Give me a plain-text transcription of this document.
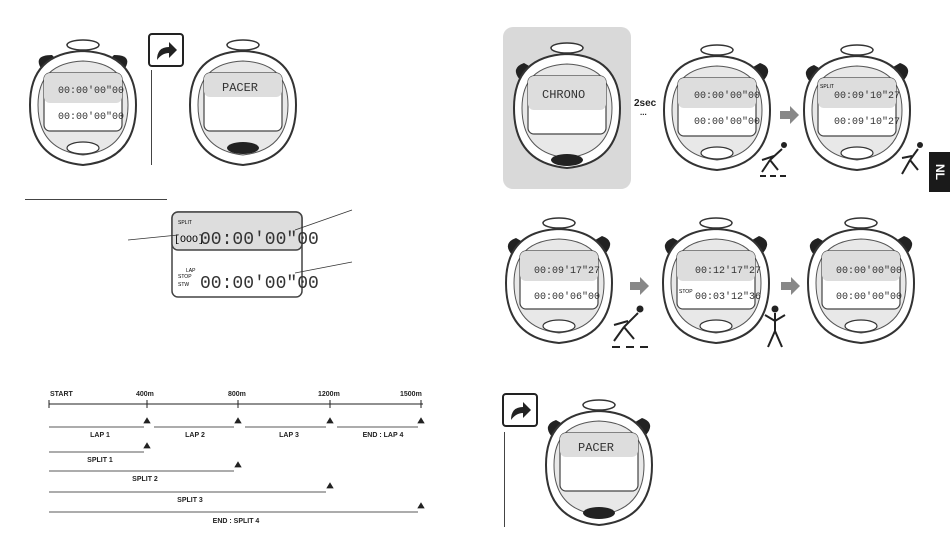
NL
00:00'00"00
00:00'00"00
PACER
SPLIT
[ΟΟΟ]
00:00'00"00
LAP
STOP
STW 00:00'00"00
START	400m	800m	1200m	1500m
LAP 1	LAP 2	LAP 3	END : LAP 4
SPLIT 1
SPLIT 2
SPLIT 3
END : SPLIT 4
CHRONO
2sec
...
00:00'00"00
00:00'00"00
SPLIT
00:09'10"27
00:09'10"27
00:09'17"27
00:00'06"00	STOP
00:12'17"27
00:03'12"36
00:00'00"00
00:00'00"00
PACER
